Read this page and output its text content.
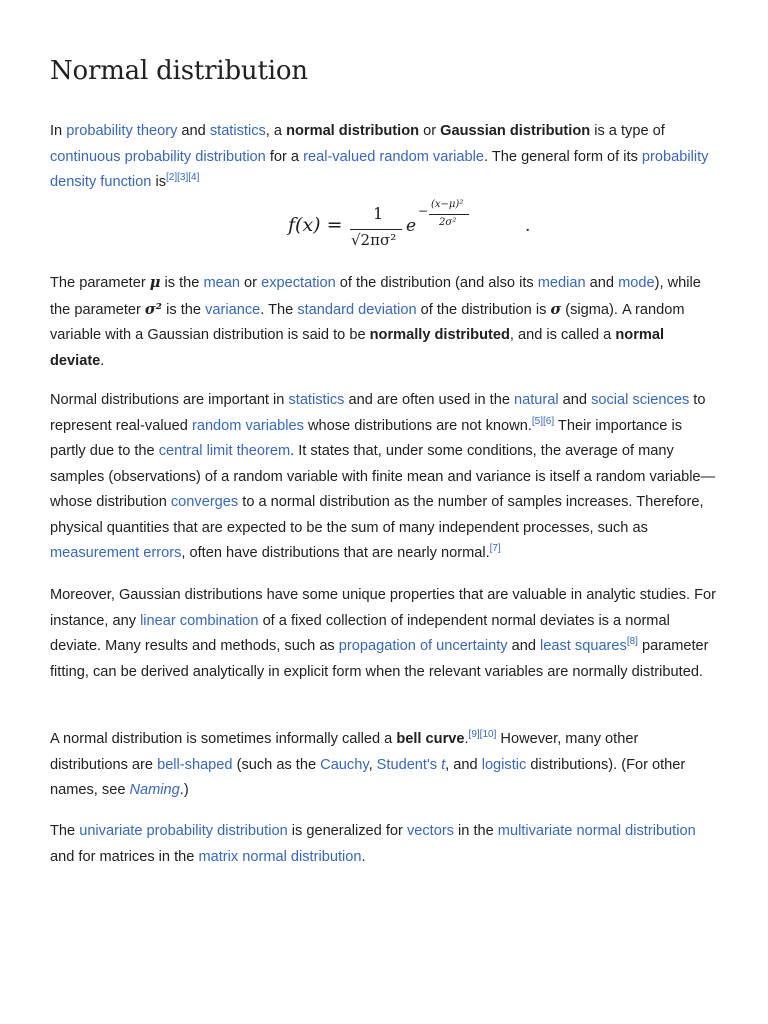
Normal distribution

In probability theory and statistics, a normal distribution or Gaussian distribution is a type of continuous probability distribution for a real-valued random variable. The general form of its probability density function is[2][3][4]

f(x) =
1
√2πσ²
e
− (x−μ)²
2σ²	.

The parameter μ is the mean or expectation of the distribution (and also its median and mode), while the parameter σ² is the variance. The standard deviation of the distribution is σ (sigma). A random variable with a Gaussian distribution is said to be normally distributed, and is called a normal deviate.

Normal distributions are important in statistics and are often used in the natural and social sciences to represent real-valued random variables whose distributions are not known.[5][6] Their importance is partly due to the central limit theorem. It states that, under some conditions, the average of many samples (observations) of a random variable with finite mean and variance is itself a random variable—whose distribution converges to a normal distribution as the number of samples increases. Therefore, physical quantities that are expected to be the sum of many independent processes, such as measurement errors, often have distributions that are nearly normal.[7]

Moreover, Gaussian distributions have some unique properties that are valuable in analytic studies. For instance, any linear combination of a fixed collection of independent normal deviates is a normal deviate. Many results and methods, such as propagation of uncertainty and least squares[8] parameter fitting, can be derived analytically in explicit form when the relevant variables are normally distributed.

A normal distribution is sometimes informally called a bell curve.[9][10] However, many other distributions are bell-shaped (such as the Cauchy, Student's t, and logistic distributions). (For other names, see Naming.)

The univariate probability distribution is generalized for vectors in the multivariate normal distribution and for matrices in the matrix normal distribution.
